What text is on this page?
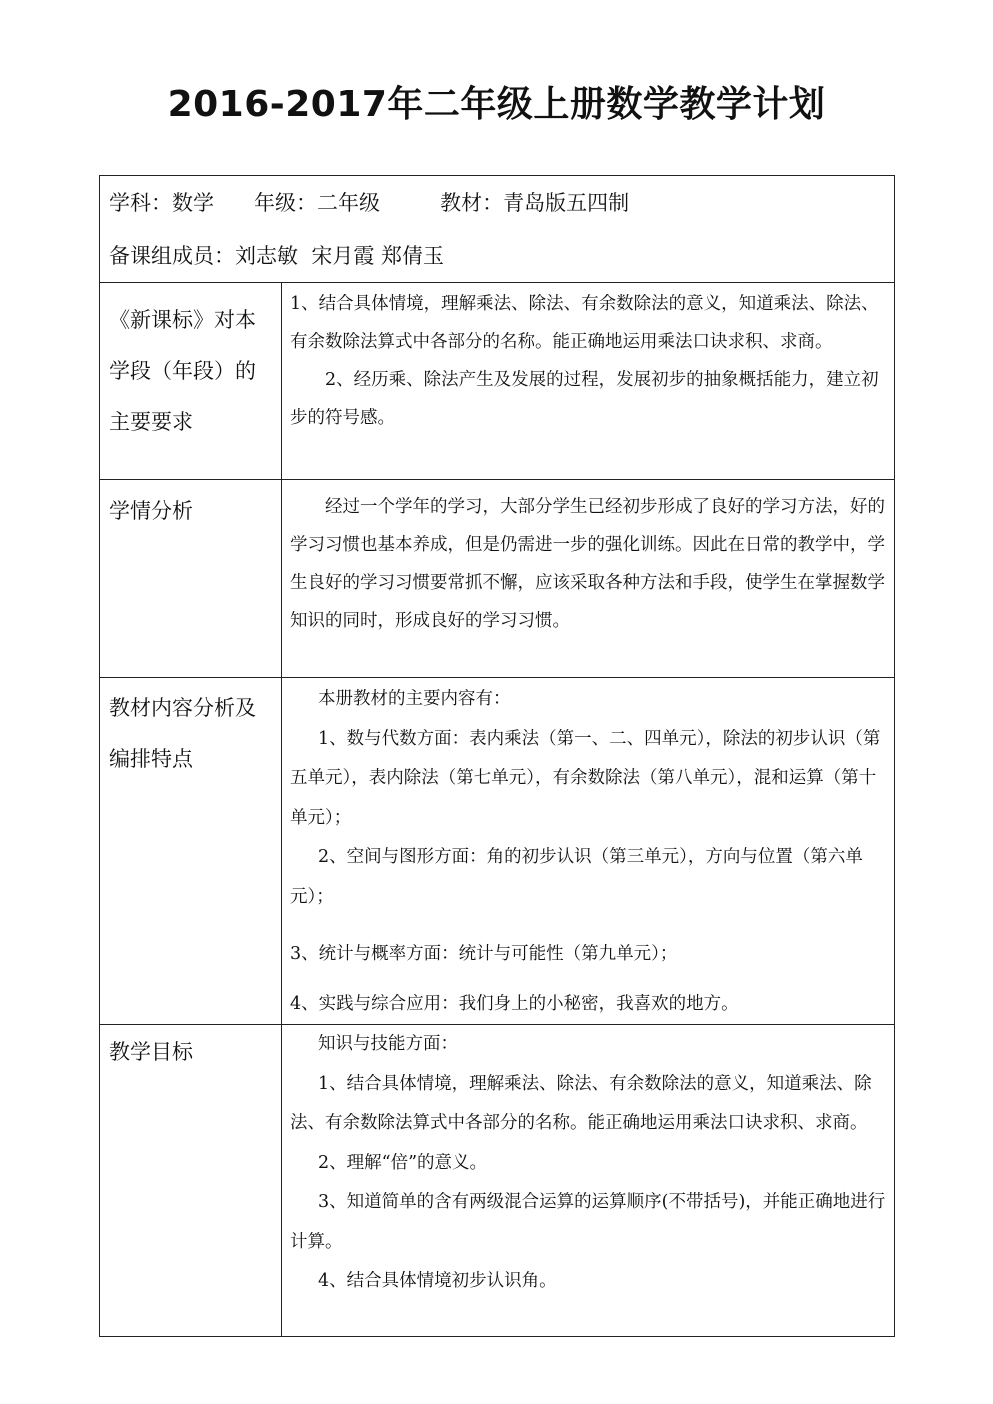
2016-2017年二年级上册数学教学计划
学科：数学      年级：二年级         教材：青岛版五四制
备课组成员：刘志敏  宋月霞 郑倩玉	

《新课标》对本学段（年段）的主要要求	1、结合具体情境，理解乘法、除法、有余数除法的意义，知道乘法、除法、有余数除法算式中各部分的名称。能正确地运用乘法口诀求积、求商。

2、经历乘、除法产生及发展的过程，发展初步的抽象概括能力，建立初步的符号感。

学情分析	经过一个学年的学习，大部分学生已经初步形成了良好的学习方法，好的学习习惯也基本养成，但是仍需进一步的强化训练。因此在日常的教学中，学生良好的学习习惯要常抓不懈，应该采取各种方法和手段，使学生在掌握数学知识的同时，形成良好的学习习惯。

教材内容分析及编排特点	本册教材的主要内容有：

1、数与代数方面：表内乘法（第一、二、四单元），除法的初步认识（第五单元），表内除法（第七单元），有余数除法（第八单元），混和运算（第十单元）；

2、空间与图形方面：角的初步认识（第三单元），方向与位置（第六单元）；

3、统计与概率方面：统计与可能性（第九单元）；

4、实践与综合应用：我们身上的小秘密，我喜欢的地方。

教学目标	知识与技能方面：

1、结合具体情境，理解乘法、除法、有余数除法的意义，知道乘法、除法、有余数除法算式中各部分的名称。能正确地运用乘法口诀求积、求商。

2、理解“倍”的意义。

3、知道简单的含有两级混合运算的运算顺序(不带括号)，并能正确地进行计算。

4、结合具体情境初步认识角。
